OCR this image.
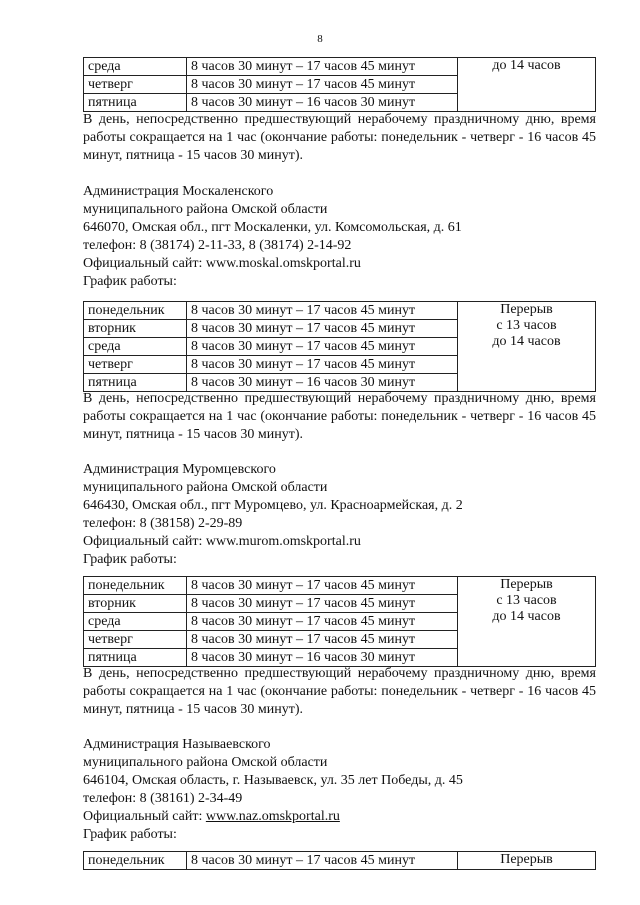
8
среда	8 часов 30 минут – 17 часов 45 минут	до 14 часов
четверг	8 часов 30 минут – 17 часов 45 минут	
пятница	8 часов 30 минут – 16 часов 30 минут	
В день, непосредственно предшествующий нерабочему праздничному дню, время работы сокращается на 1 час (окончание работы: понедельник - четверг - 16 часов 45 минут, пятница - 15 часов 30 минут).
Администрация Москаленского
муниципального района Омской области
646070, Омская обл., пгт Москаленки, ул. Комсомольская, д. 61
телефон: 8 (38174) 2-11-33, 8 (38174) 2-14-92
Официальный сайт: www.moskal.omskportal.ru
График работы:
понедельник	8 часов 30 минут – 17 часов 45 минут	Перерыв
с 13 часов
до 14 часов

вторник	8 часов 30 минут – 17 часов 45 минут	
среда	8 часов 30 минут – 17 часов 45 минут	
четверг	8 часов 30 минут – 17 часов 45 минут	
пятница	8 часов 30 минут – 16 часов 30 минут	
В день, непосредственно предшествующий нерабочему праздничному дню, время работы сокращается на 1 час (окончание работы: понедельник - четверг - 16 часов 45 минут, пятница - 15 часов 30 минут).
Администрация Муромцевского
муниципального района Омской области
646430, Омская обл., пгт Муромцево, ул. Красноармейская, д. 2
телефон: 8 (38158) 2-29-89
Официальный сайт: www.murom.omskportal.ru
График работы:
понедельник	8 часов 30 минут – 17 часов 45 минут	Перерыв
с 13 часов
до 14 часов

вторник	8 часов 30 минут – 17 часов 45 минут	
среда	8 часов 30 минут – 17 часов 45 минут	
четверг	8 часов 30 минут – 17 часов 45 минут	
пятница	8 часов 30 минут – 16 часов 30 минут	
В день, непосредственно предшествующий нерабочему праздничному дню, время работы сокращается на 1 час (окончание работы: понедельник - четверг - 16 часов 45 минут, пятница - 15 часов 30 минут).
Администрация Называевского
муниципального района Омской области
646104, Омская область, г. Называевск, ул. 35 лет Победы, д. 45
телефон: 8 (38161) 2-34-49
Официальный сайт: www.naz.omskportal.ru
График работы:
понедельник	8 часов 30 минут – 17 часов 45 минут	Перерыв
